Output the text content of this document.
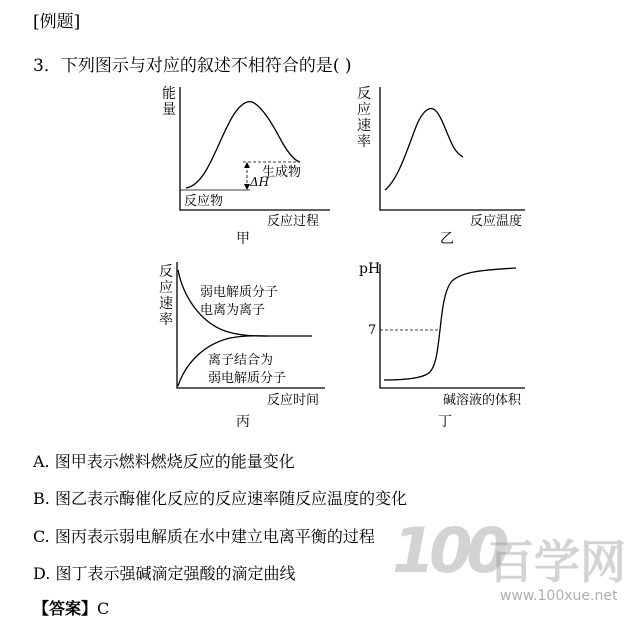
[例题]
3．下列图示与对应的叙述不相符合的是( )
能
量
生成物
ΔH
反应物
反应过程
甲
反
应
速
率
反应温度
乙
反
应
速
率
弱电解质分子
电离为离子
离子结合为
弱电解质分子
反应时间
丙
pH
7
碱溶液的体积
丁
A. 图甲表示燃料燃烧反应的能量变化
B. 图乙表示酶催化反应的反应速率随反应温度的变化
C. 图丙表示弱电解质在水中建立电离平衡的过程
D. 图丁表示强碱滴定强酸的滴定曲线
【答案】C
100
百学网
www.100xue.net
